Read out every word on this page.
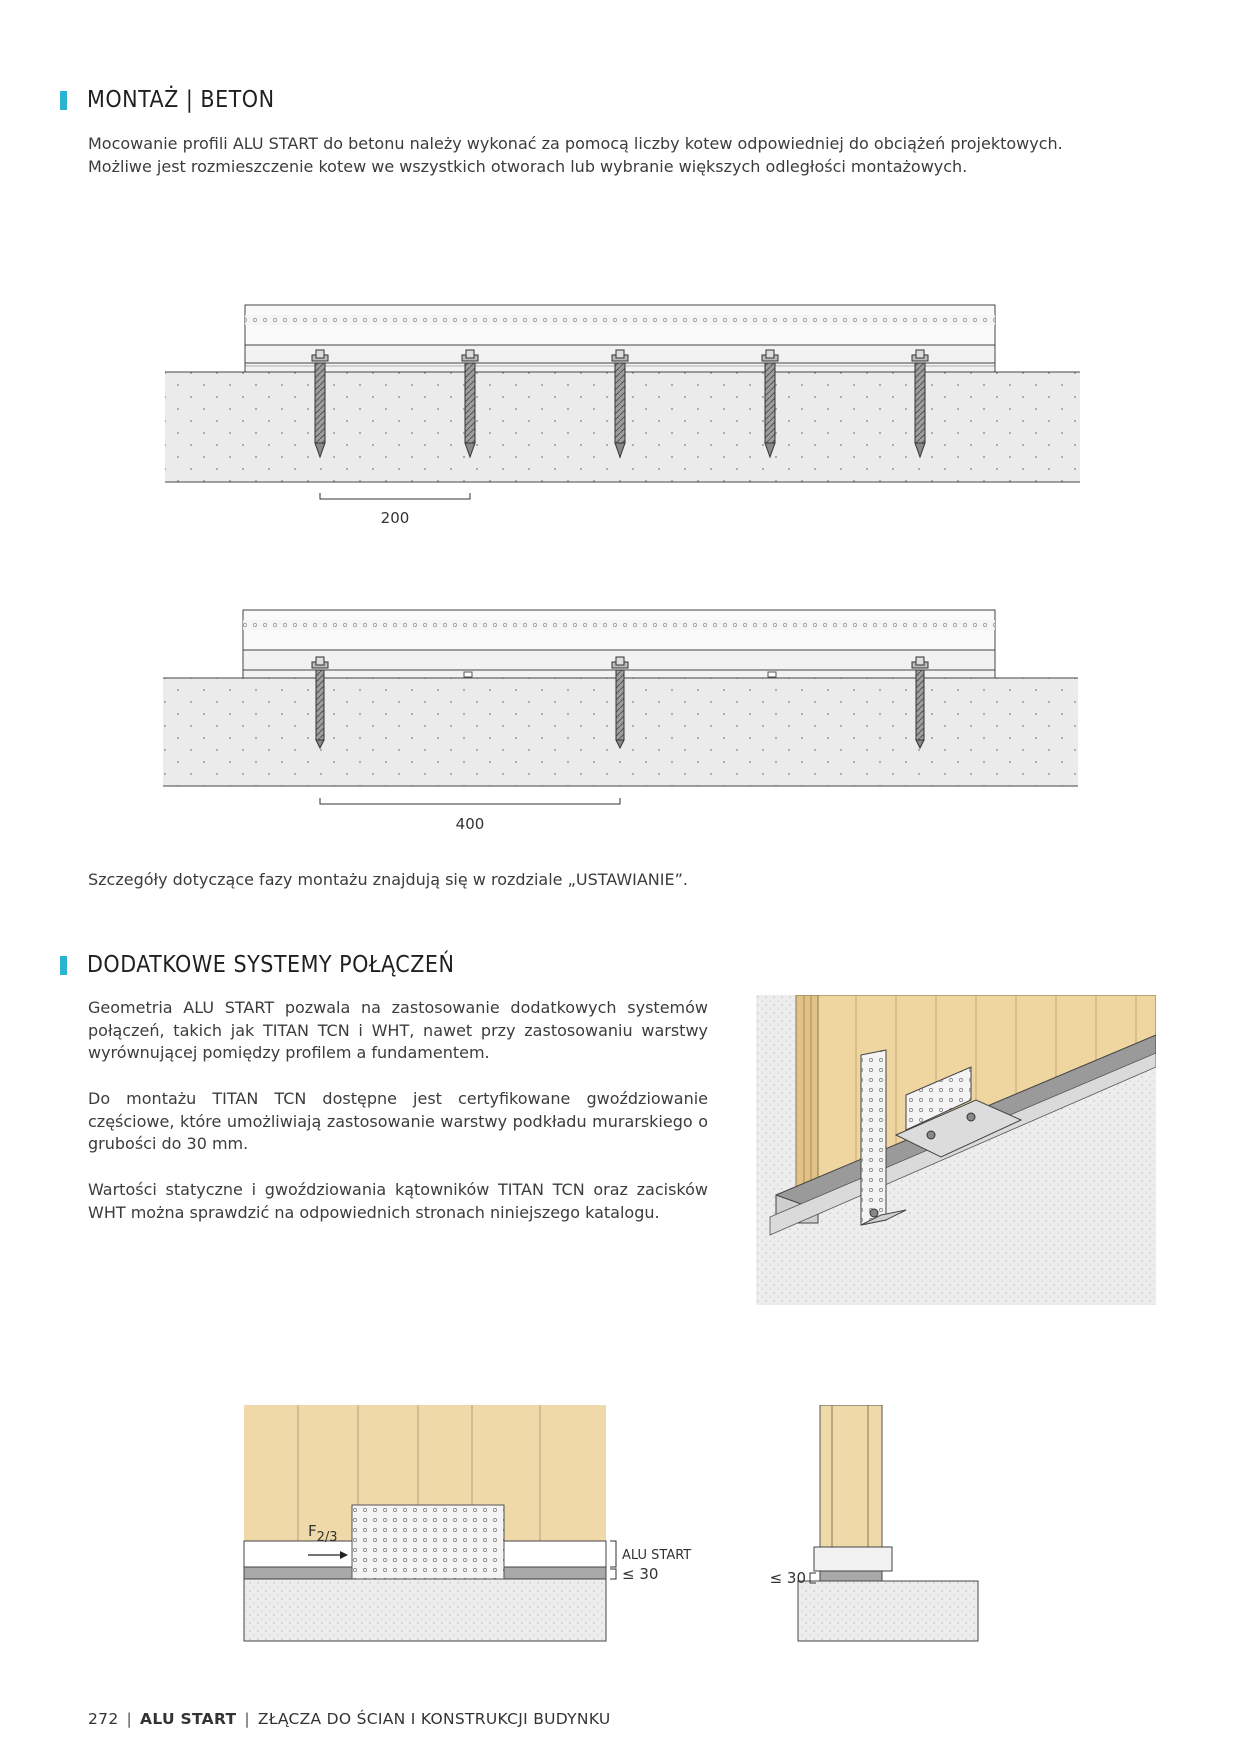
MONTAŻ | BETON
Mocowanie profili ALU START do betonu należy wykonać za pomocą liczby kotew odpowiedniej do obciążeń projektowych.
Możliwe jest rozmieszczenie kotew we wszystkich otworach lub wybranie większych odległości montażowych.
200
400
Szczegóły dotyczące fazy montażu znajdują się w rozdziale „USTAWIANIE”.
DODATKOWE SYSTEMY POŁĄCZEŃ
Geometria ALU START pozwala na zastosowanie dodatkowych systemów połączeń, takich jak TITAN TCN i WHT, nawet przy zastosowaniu warstwy wyrównującej pomiędzy profilem a fundamentem.
Do montażu TITAN TCN dostępne jest certyfikowane gwoździowanie częściowe, które umożliwiają zastosowanie warstwy podkładu murarskiego o grubości do 30 mm.
Wartości statyczne i gwoździowania kątowników TITAN TCN oraz zacisków WHT można sprawdzić na odpowiednich stronach niniejszego katalogu.
F2/3
ALU START
≤ 30	≤ 30
272 | ALU START | ZŁĄCZA DO ŚCIAN I KONSTRUKCJI BUDYNKU
